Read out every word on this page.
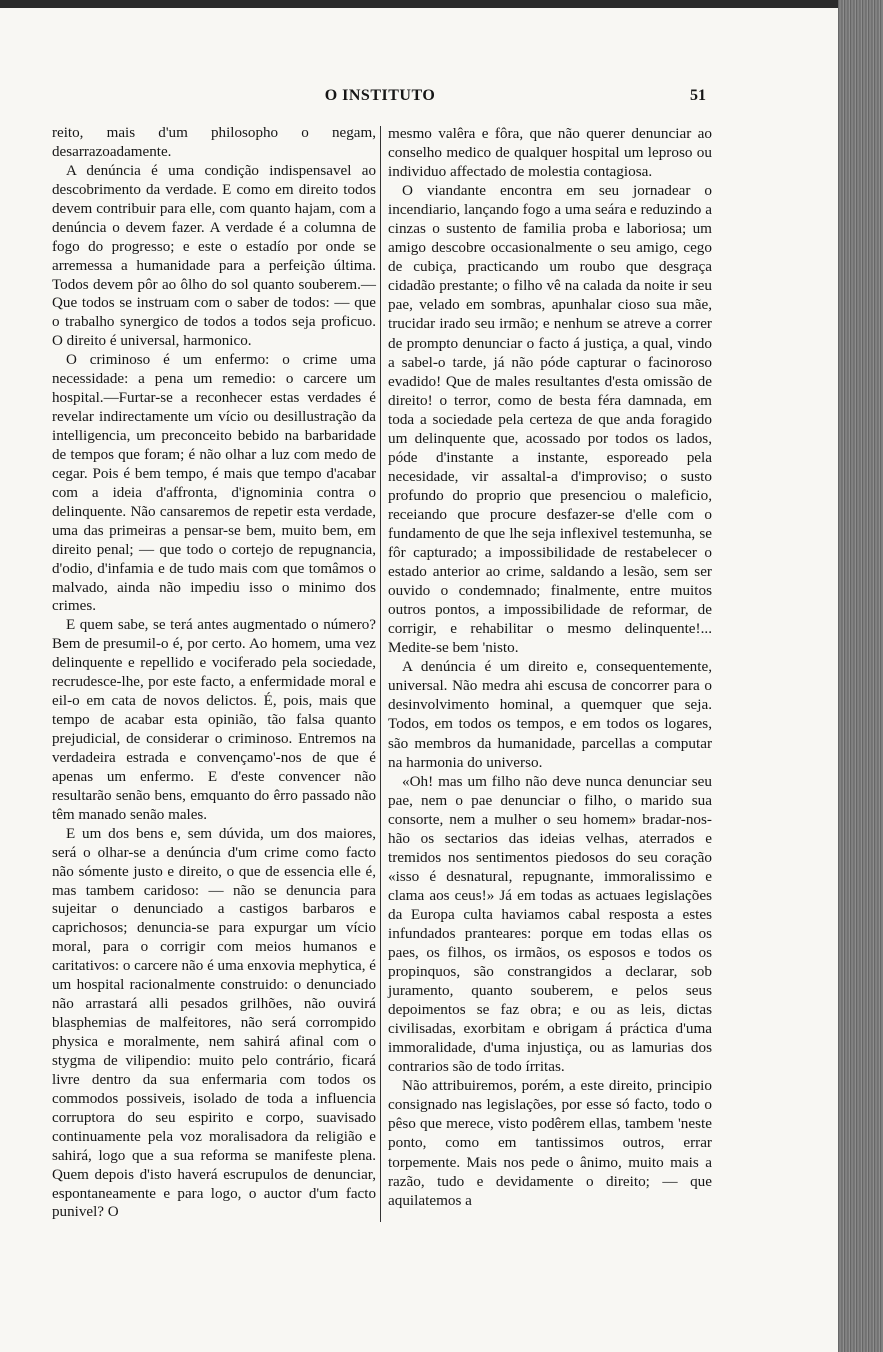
O INSTITUTO	51

reito, mais d'um philosopho o negam, desarrazoadamente.

A denúncia é uma condição indispensavel ao descobrimento da verdade. E como em direito todos devem contribuir para elle, com quanto hajam, com a denúncia o devem fazer. A verdade é a columna de fogo do progresso; e este o estadío por onde se arremessa a humanidade para a perfeição última. Todos devem pôr ao ôlho do sol quanto souberem.— Que todos se instruam com o saber de todos: — que o trabalho synergico de todos a todos seja proficuo. O direito é universal, harmonico.

O criminoso é um enfermo: o crime uma necessidade: a pena um remedio: o carcere um hospital.—Furtar-se a reconhecer estas verdades é revelar indirectamente um vício ou desillustração da intelligencia, um preconceito bebido na barbaridade de tempos que foram; é não olhar a luz com medo de cegar. Pois é bem tempo, é mais que tempo d'acabar com a ideia d'affronta, d'ignominia contra o delinquente. Não cansaremos de repetir esta verdade, uma das primeiras a pensar-se bem, muito bem, em direito penal; — que todo o cortejo de repugnancia, d'odio, d'infamia e de tudo mais com que tomâmos o malvado, ainda não impediu isso o minimo dos crimes.

E quem sabe, se terá antes augmentado o número? Bem de presumil-o é, por certo. Ao homem, uma vez delinquente e repellido e vociferado pela sociedade, recrudesce-lhe, por este facto, a enfermidade moral e eil-o em cata de novos delictos. É, pois, mais que tempo de acabar esta opinião, tão falsa quanto prejudicial, de considerar o criminoso. Entremos na verdadeira estrada e convençamo'-nos de que é apenas um enfermo. E d'este convencer não resultarão senão bens, emquanto do êrro passado não têm manado senão males.

E um dos bens e, sem dúvida, um dos maiores, será o olhar-se a denúncia d'um crime como facto não sómente justo e direito, o que de essencia elle é, mas tambem caridoso: — não se denuncia para sujeitar o denunciado a castigos barbaros e caprichosos; denuncia-se para expurgar um vício moral, para o corrigir com meios humanos e caritativos: o carcere não é uma enxovia mephytica, é um hospital racionalmente construido: o denunciado não arrastará alli pesados grilhões, não ouvirá blasphemias de malfeitores, não será corrompido physica e moralmente, nem sahirá afinal com o stygma de vilipendio: muito pelo contrário, ficará livre dentro da sua enfermaria com todos os commodos possiveis, isolado de toda a influencia corruptora do seu espirito e corpo, suavisado continuamente pela voz moralisadora da religião e sahirá, logo que a sua reforma se manifeste plena. Quem depois d'isto haverá escrupulos de denunciar, espontaneamente e para logo, o auctor d'um facto punivel? O

mesmo valêra e fôra, que não querer denunciar ao conselho medico de qualquer hospital um leproso ou individuo affectado de molestia contagiosa.

O viandante encontra em seu jornadear o incendiario, lançando fogo a uma seára e reduzindo a cinzas o sustento de familia proba e laboriosa; um amigo descobre occasionalmente o seu amigo, cego de cubiça, practicando um roubo que desgraça cidadão prestante; o filho vê na calada da noite ir seu pae, velado em sombras, apunhalar cioso sua mãe, trucidar irado seu irmão; e nenhum se atreve a correr de prompto denunciar o facto á justiça, a qual, vindo a sabel-o tarde, já não póde capturar o facinoroso evadido! Que de males resultantes d'esta omissão de direito! o terror, como de besta féra damnada, em toda a sociedade pela certeza de que anda foragido um delinquente que, acossado por todos os lados, póde d'instante a instante, esporeado pela necesidade, vir assaltal-a d'improviso; o susto profundo do proprio que presenciou o maleficio, receiando que procure desfazer-se d'elle com o fundamento de que lhe seja inflexivel testemunha, se fôr capturado; a impossibilidade de restabelecer o estado anterior ao crime, saldando a lesão, sem ser ouvido o condemnado; finalmente, entre muitos outros pontos, a impossibilidade de reformar, de corrigir, e rehabilitar o mesmo delinquente!... Medite-se bem 'nisto.

A denúncia é um direito e, consequentemente, universal. Não medra ahi escusa de concorrer para o desinvolvimento hominal, a quemquer que seja. Todos, em todos os tempos, e em todos os logares, são membros da humanidade, parcellas a computar na harmonia do universo.

«Oh! mas um filho não deve nunca denunciar seu pae, nem o pae denunciar o filho, o marido sua consorte, nem a mulher o seu homem» bradar-nos-hão os sectarios das ideias velhas, aterrados e tremidos nos sentimentos piedosos do seu coração «isso é desnatural, repugnante, immoralissimo e clama aos ceus!» Já em todas as actuaes legislações da Europa culta haviamos cabal resposta a estes infundados pranteares: porque em todas ellas os paes, os filhos, os irmãos, os esposos e todos os propinquos, são constrangidos a declarar, sob juramento, quanto souberem, e pelos seus depoimentos se faz obra; e ou as leis, dictas civilisadas, exorbitam e obrigam á práctica d'uma immoralidade, d'uma injustiça, ou as lamurias dos contrarios são de todo írritas.

Não attribuiremos, porém, a este direito, principio consignado nas legislações, por esse só facto, todo o pêso que merece, visto podêrem ellas, tambem 'neste ponto, como em tantissimos outros, errar torpemente. Mais nos pede o ânimo, muito mais a razão, tudo e devidamente o direito; — que aquilatemos a
